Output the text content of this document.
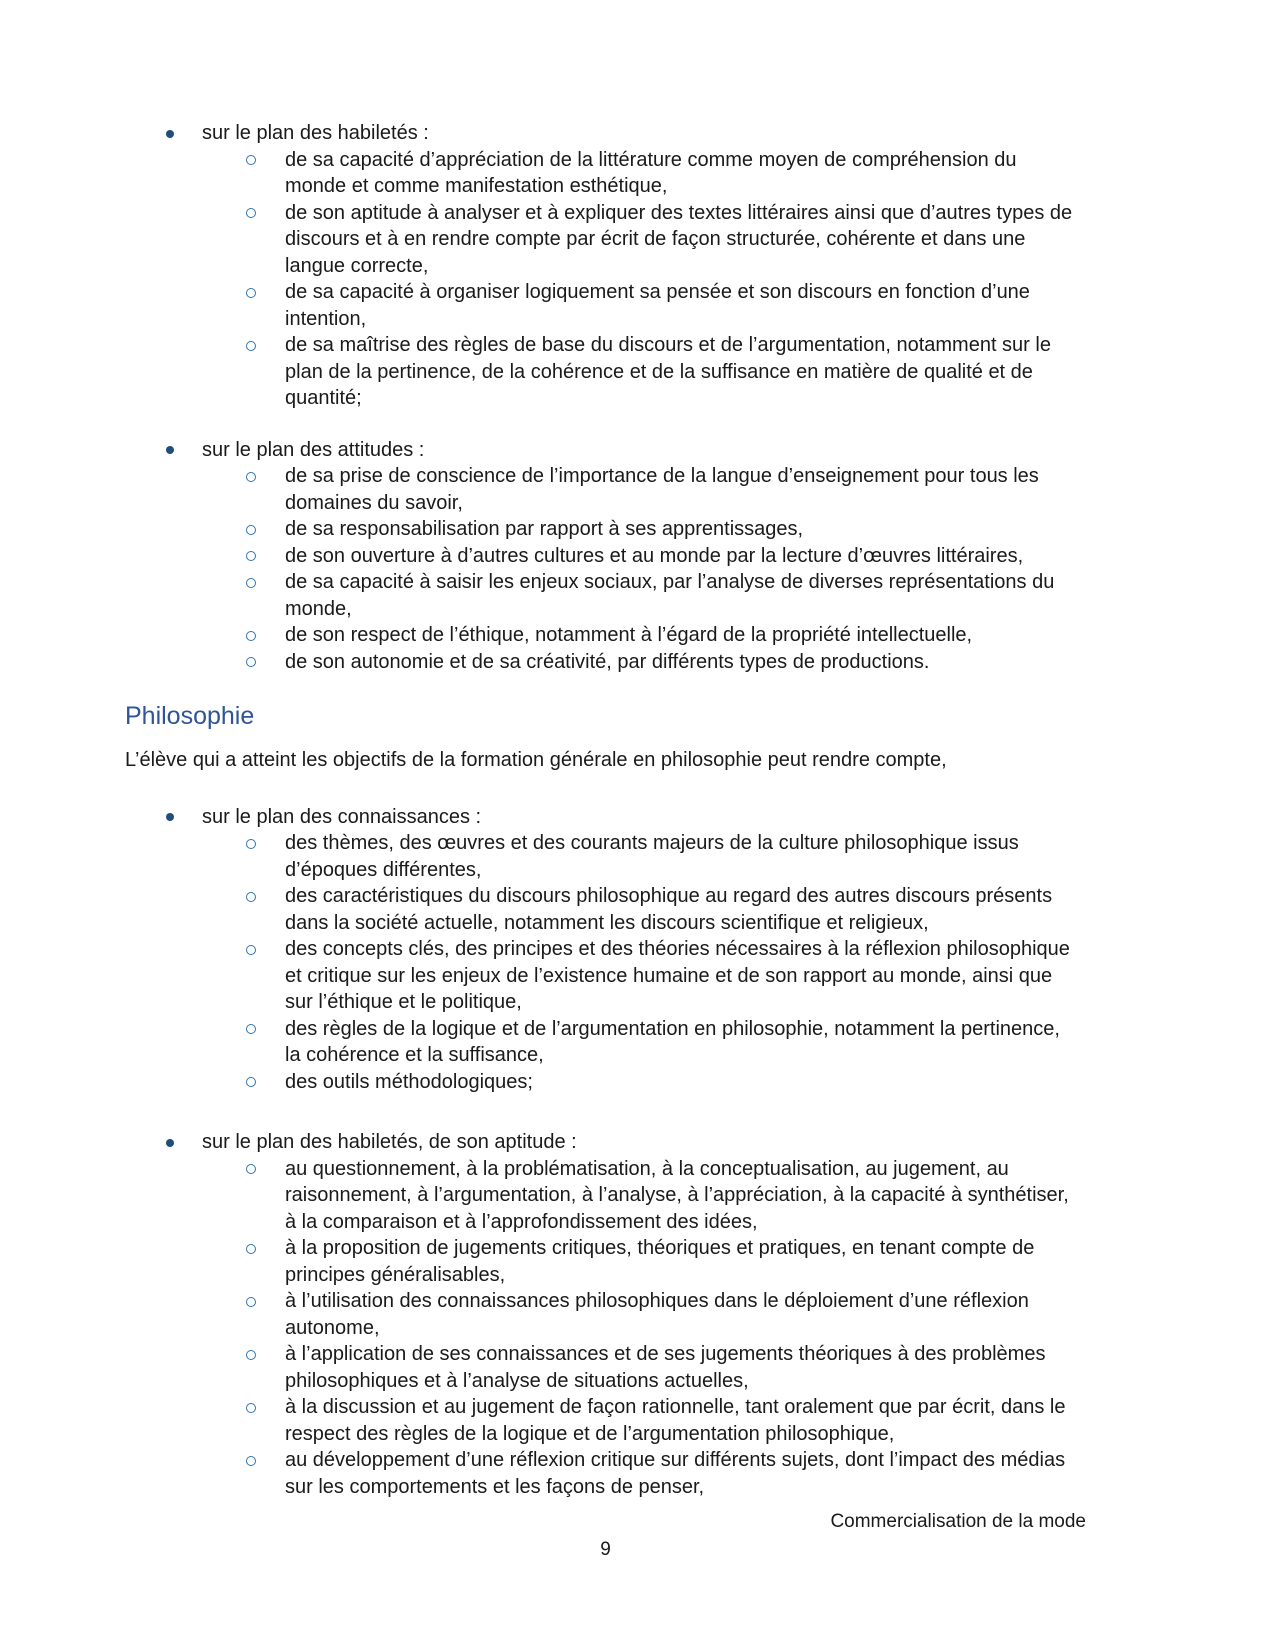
sur le plan des habiletés :
de sa capacité d’appréciation de la littérature comme moyen de compréhension du monde et comme manifestation esthétique,
de son aptitude à analyser et à expliquer des textes littéraires ainsi que d’autres types de discours et à en rendre compte par écrit de façon structurée, cohérente et dans une langue correcte,
de sa capacité à organiser logiquement sa pensée et son discours en fonction d’une intention,
de sa maîtrise des règles de base du discours et de l’argumentation, notamment sur le plan de la pertinence, de la cohérence et de la suffisance en matière de qualité et de quantité;
sur le plan des attitudes :
de sa prise de conscience de l’importance de la langue d’enseignement pour tous les domaines du savoir,
de sa responsabilisation par rapport à ses apprentissages,
de son ouverture à d’autres cultures et au monde par la lecture d’œuvres littéraires,
de sa capacité à saisir les enjeux sociaux, par l’analyse de diverses représentations du monde,
de son respect de l’éthique, notamment à l’égard de la propriété intellectuelle,
de son autonomie et de sa créativité, par différents types de productions.
Philosophie

L’élève qui a atteint les objectifs de la formation générale en philosophie peut rendre compte,

sur le plan des connaissances :
des thèmes, des œuvres et des courants majeurs de la culture philosophique issus d’époques différentes,
des caractéristiques du discours philosophique au regard des autres discours présents dans la société actuelle, notamment les discours scientifique et religieux,
des concepts clés, des principes et des théories nécessaires à la réflexion philosophique et critique sur les enjeux de l’existence humaine et de son rapport au monde, ainsi que sur l’éthique et le politique,
des règles de la logique et de l’argumentation en philosophie, notamment la pertinence, la cohérence et la suffisance,
des outils méthodologiques;
sur le plan des habiletés, de son aptitude :
au questionnement, à la problématisation, à la conceptualisation, au jugement, au raisonnement, à l’argumentation, à l’analyse, à l’appréciation, à la capacité à synthétiser, à la comparaison et à l’approfondissement des idées,
à la proposition de jugements critiques, théoriques et pratiques, en tenant compte de principes généralisables,
à l’utilisation des connaissances philosophiques dans le déploiement d’une réflexion autonome,
à l’application de ses connaissances et de ses jugements théoriques à des problèmes philosophiques et à l’analyse de situations actuelles,
à la discussion et au jugement de façon rationnelle, tant oralement que par écrit, dans le respect des règles de la logique et de l’argumentation philosophique,
au développement d’une réflexion critique sur différents sujets, dont l’impact des médias sur les comportements et les façons de penser,
Commercialisation de la mode
9
